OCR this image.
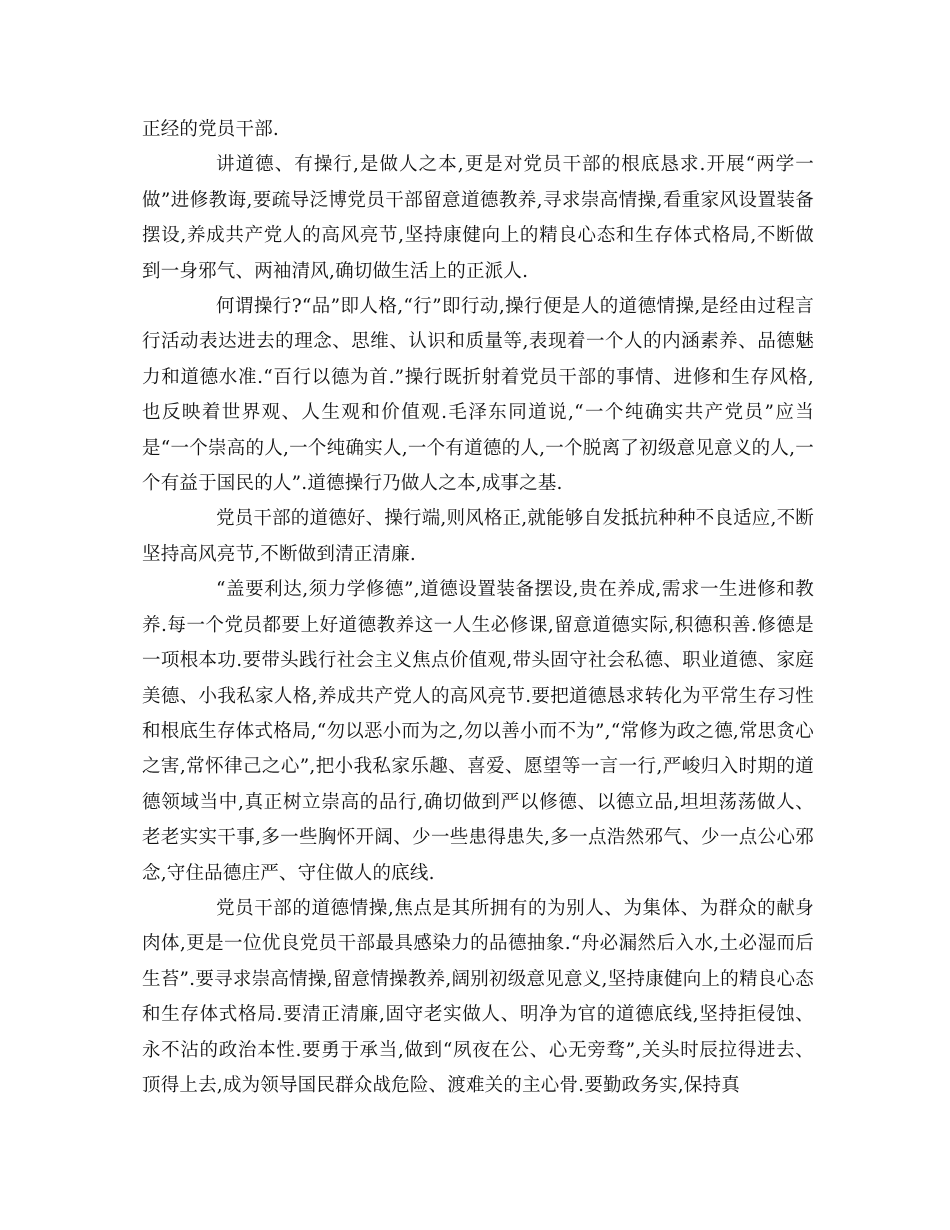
正经的党员干部.

讲道德、有操行,是做人之本,更是对党员干部的根底恳求.开展“两学一做”进修教诲,要疏导泛博党员干部留意道德教养,寻求崇高情操,看重家风设置装备摆设,养成共产党人的高风亮节,坚持康健向上的精良心态和生存体式格局,不断做到一身邪气、两袖清风,确切做生活上的正派人.

何谓操行?“品”即人格,“行”即行动,操行便是人的道德情操,是经由过程言行活动表达进去的理念、思维、认识和质量等,表现着一个人的内涵素养、品德魅力和道德水准.“百行以德为首.”操行既折射着党员干部的事情、进修和生存风格,也反映着世界观、人生观和价值观.毛泽东同道说,“一个纯确实共产党员”应当是“一个崇高的人,一个纯确实人,一个有道德的人,一个脱离了初级意见意义的人,一个有益于国民的人”.道德操行乃做人之本,成事之基.

党员干部的道德好、操行端,则风格正,就能够自发抵抗种种不良适应,不断坚持高风亮节,不断做到清正清廉.

“盖要利达,须力学修德”,道德设置装备摆设,贵在养成,需求一生进修和教养.每一个党员都要上好道德教养这一人生必修课,留意道德实际,积德积善.修德是一项根本功.要带头践行社会主义焦点价值观,带头固守社会私德、职业道德、家庭美德、小我私家人格,养成共产党人的高风亮节.要把道德恳求转化为平常生存习性和根底生存体式格局,“勿以恶小而为之,勿以善小而不为”,“常修为政之德,常思贪心之害,常怀律己之心”,把小我私家乐趣、喜爱、愿望等一言一行,严峻归入时期的道德领域当中,真正树立崇高的品行,确切做到严以修德、以德立品,坦坦荡荡做人、老老实实干事,多一些胸怀开阔、少一些患得患失,多一点浩然邪气、少一点公心邪念,守住品德庄严、守住做人的底线.

党员干部的道德情操,焦点是其所拥有的为别人、为集体、为群众的献身肉体,更是一位优良党员干部最具感染力的品德抽象.“舟必漏然后入水,土必湿而后生苔”.要寻求崇高情操,留意情操教养,阔别初级意见意义,坚持康健向上的精良心态和生存体式格局.要清正清廉,固守老实做人、明净为官的道德底线,坚持拒侵蚀、永不沾的政治本性.要勇于承当,做到“夙夜在公、心无旁骛”,关头时辰拉得进去、顶得上去,成为领导国民群众战危险、渡难关的主心骨.要勤政务实,保持真
